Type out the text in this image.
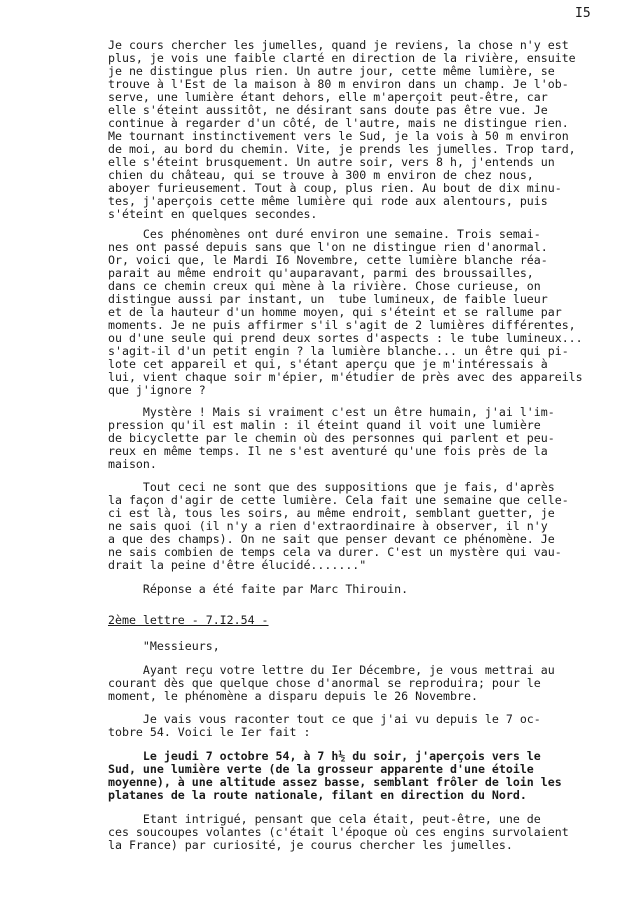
I5
Je cours chercher les jumelles, quand je reviens, la chose n'y est
plus, je vois une faible clarté en direction de la rivière, ensuite
je ne distingue plus rien. Un autre jour, cette même lumière, se
trouve à l'Est de la maison à 80 m environ dans un champ. Je l'ob-
serve, une lumière étant dehors, elle m'aperçoit peut-être, car
elle s'éteint aussitôt, ne désirant sans doute pas être vue. Je
continue à regarder d'un côté, de l'autre, mais ne distingue rien.
Me tournant instinctivement vers le Sud, je la vois à 50 m environ
de moi, au bord du chemin. Vite, je prends les jumelles. Trop tard,
elle s'éteint brusquement. Un autre soir, vers 8 h, j'entends un
chien du château, qui se trouve à 300 m environ de chez nous,
aboyer furieusement. Tout à coup, plus rien. Au bout de dix minu-
tes, j'aperçois cette même lumière qui rode aux alentours, puis
s'éteint en quelques secondes.
Ces phénomènes ont duré environ une semaine. Trois semai-
nes ont passé depuis sans que l'on ne distingue rien d'anormal.
Or, voici que, le Mardi I6 Novembre, cette lumière blanche réa-
parait au même endroit qu'auparavant, parmi des broussailles,
dans ce chemin creux qui mène à la rivière. Chose curieuse, on
distingue aussi par instant, un  tube lumineux, de faible lueur
et de la hauteur d'un homme moyen, qui s'éteint et se rallume par
moments. Je ne puis affirmer s'il s'agit de 2 lumières différentes,
ou d'une seule qui prend deux sortes d'aspects : le tube lumineux...
s'agit-il d'un petit engin ? la lumière blanche... un être qui pi-
lote cet appareil et qui, s'étant aperçu que je m'intéressais à
lui, vient chaque soir m'épier, m'étudier de près avec des appareils
que j'ignore ?
Mystère ! Mais si vraiment c'est un être humain, j'ai l'im-
pression qu'il est malin : il éteint quand il voit une lumière
de bicyclette par le chemin où des personnes qui parlent et peu-
reux en même temps. Il ne s'est aventuré qu'une fois près de la
maison.
Tout ceci ne sont que des suppositions que je fais, d'après
la façon d'agir de cette lumière. Cela fait une semaine que celle-
ci est là, tous les soirs, au même endroit, semblant guetter, je
ne sais quoi (il n'y a rien d'extraordinaire à observer, il n'y
a que des champs). On ne sait que penser devant ce phénomène. Je
ne sais combien de temps cela va durer. C'est un mystère qui vau-
drait la peine d'être élucidé......."
Réponse a été faite par Marc Thirouin.
2ème lettre - 7.I2.54 -
"Messieurs,
Ayant reçu votre lettre du Ier Décembre, je vous mettrai au
courant dès que quelque chose d'anormal se reproduira; pour le
moment, le phénomène a disparu depuis le 26 Novembre.
Je vais vous raconter tout ce que j'ai vu depuis le 7 oc-
tobre 54. Voici le Ier fait :
Le jeudi 7 octobre 54, à 7 h½ du soir, j'aperçois vers le
Sud, une lumière verte (de la grosseur apparente d'une étoile
moyenne), à une altitude assez basse, semblant frôler de loin les
platanes de la route nationale, filant en direction du Nord.
Etant intrigué, pensant que cela était, peut-être, une de
ces soucoupes volantes (c'était l'époque où ces engins survolaient
la France) par curiosité, je courus chercher les jumelles.
